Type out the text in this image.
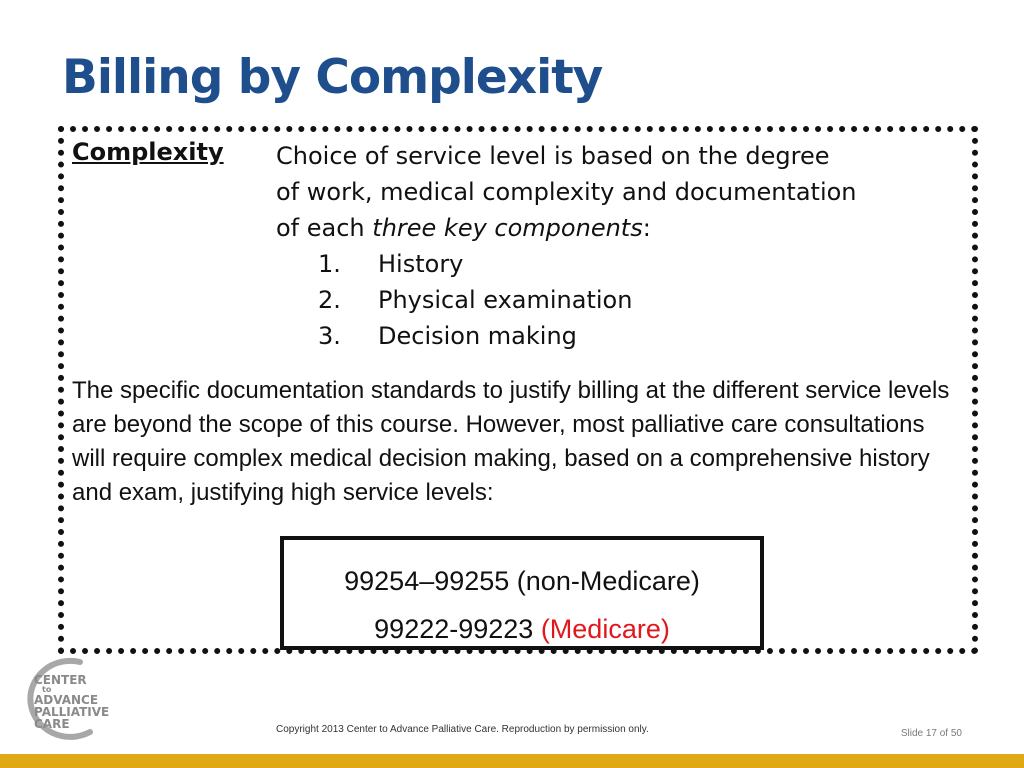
Billing by Complexity
Complexity Choice of service level is based on the degree

of work, medical complexity and documentation

of each three key components:

1.	History
2.	Physical examination
3.	Decision making

The specific documentation standards to justify billing at the different service levels are beyond the scope of this course. However, most palliative care consultations will require complex medical decision making, based on a comprehensive history and exam, justifying high service levels:

99254–99255 (non-Medicare)
99222-99223 (Medicare)
CENTER
to
ADVANCE
PALLIATIVE
CARE	Copyright 2013 Center to Advance Palliative Care. Reproduction by permission only.	Slide 17 of 50
